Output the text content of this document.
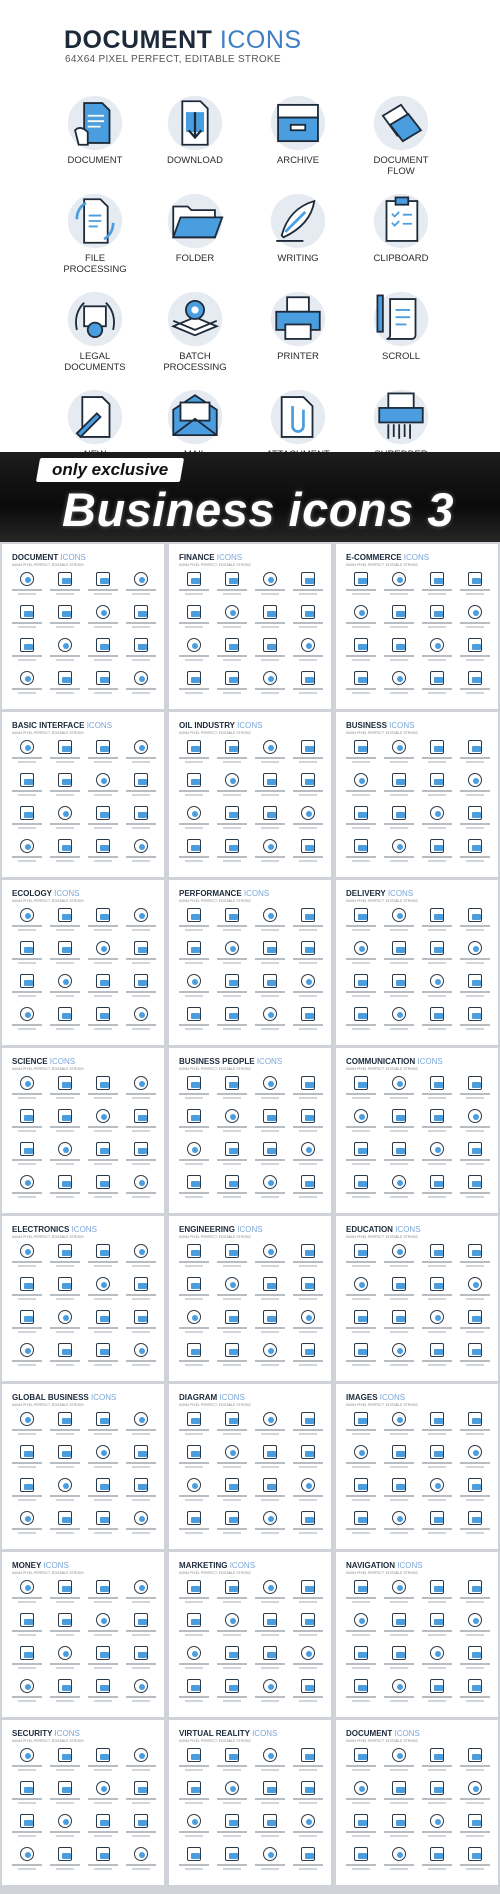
DOCUMENT ICONS
64X64 PIXEL PERFECT, EDITABLE STROKE
DOCUMENT	DOWNLOAD	ARCHIVE	DOCUMENT
FLOW
FILE
PROCESSING
FOLDER	WRITING	CLIPBOARD
LEGAL
DOCUMENTS
BATCH
PROCESSING
PRINTER	SCROLL
only exclusive
Business icons 3
DOCUMENT ICONS
64X64 PIXEL PERFECT, EDITABLE STROKE
FINANCE ICONS
64X64 PIXEL PERFECT, EDITABLE STROKE
E-COMMERCE ICONS
64X64 PIXEL PERFECT, EDITABLE STROKE
BASIC INTERFACE ICONS
64X64 PIXEL PERFECT, EDITABLE STROKE
OIL INDUSTRY ICONS
64X64 PIXEL PERFECT, EDITABLE STROKE
BUSINESS ICONS
64X64 PIXEL PERFECT, EDITABLE STROKE
ECOLOGY ICONS
64X64 PIXEL PERFECT, EDITABLE STROKE
PERFORMANCE ICONS
64X64 PIXEL PERFECT, EDITABLE STROKE
DELIVERY ICONS
64X64 PIXEL PERFECT, EDITABLE STROKE
SCIENCE ICONS
64X64 PIXEL PERFECT, EDITABLE STROKE
BUSINESS PEOPLE ICONS
64X64 PIXEL PERFECT, EDITABLE STROKE
COMMUNICATION ICONS
64X64 PIXEL PERFECT, EDITABLE STROKE
ELECTRONICS ICONS
64X64 PIXEL PERFECT, EDITABLE STROKE
ENGINEERING ICONS
64X64 PIXEL PERFECT, EDITABLE STROKE
EDUCATION ICONS
64X64 PIXEL PERFECT, EDITABLE STROKE
GLOBAL BUSINESS ICONS
64X64 PIXEL PERFECT, EDITABLE STROKE
DIAGRAM ICONS
64X64 PIXEL PERFECT, EDITABLE STROKE
IMAGES ICONS
64X64 PIXEL PERFECT, EDITABLE STROKE
MONEY ICONS
64X64 PIXEL PERFECT, EDITABLE STROKE
MARKETING ICONS
64X64 PIXEL PERFECT, EDITABLE STROKE
NAVIGATION ICONS
64X64 PIXEL PERFECT, EDITABLE STROKE
SECURITY ICONS
64X64 PIXEL PERFECT, EDITABLE STROKE
VIRTUAL REALITY ICONS
64X64 PIXEL PERFECT, EDITABLE STROKE
DOCUMENT ICONS
64X64 PIXEL PERFECT, EDITABLE STROKE
